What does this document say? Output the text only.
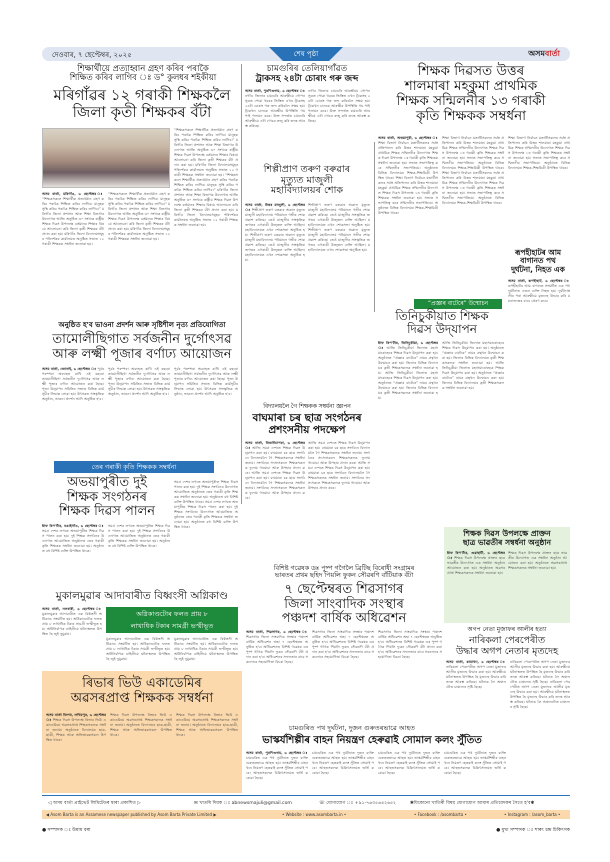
দেওবাৰ, ৭ ছেপ্টেম্বৰ, ২০২৫	শেষ পৃষ্ঠা	অসমবার্তা
শিক্ষাৰ্থীয়ে প্ৰত্যাহ্বান গ্ৰহণ কৰিব পৰাকৈ
শিক্ষিত কৰিব লাগিব ঃ ড° কুলধৰ শইকীয়া
মৰিগাঁৱৰ ১২ গৰাকী শিক্ষকলৈ
জিলা কৃতী শিক্ষকৰ বঁটা
অসম বাৰ্তা, মৰিগাঁও, ৬ ছেপ্টেম্বৰ ঃ “শিক্ষকসকলে শিক্ষাৰ্থীক প্ৰত্যাহ্বান গ্ৰহণ কৰিব পৰাকৈ শিক্ষিত কৰিব লাগিব। মানুহক সুস্থি কৰিব পৰাকৈ শিক্ষিত কৰিব লাগিব।” মৰিগাঁও জিলা প্ৰশাসন আৰু শিক্ষা বিভাগৰ উদ্যোগত আজি অনুষ্ঠিত ৩০ সংখ্যক ৰাষ্ট্ৰীয় শিক্ষক দিৱস উপলক্ষে বৰ্তমানৰ শিক্ষাৰ বিষয়ে আলোচনা কৰি জিলা কৃতী শিক্ষকৰ বঁটা প্ৰদান কৰা হয়। মৰিগাঁও জিলা বিদ্যালয়সমূহৰ পৰিদৰ্শকৰ কাৰ্যালয়ত অনুষ্ঠিত সভাত ১২ গৰাকী শিক্ষকক সম্বৰ্ধনা জনোৱা হয়।
“শিক্ষকসকলে শিক্ষাৰ্থীক প্ৰত্যাহ্বান গ্ৰহণ কৰিব পৰাকৈ শিক্ষিত কৰিব লাগিব। মানুহক সুস্থি কৰিব পৰাকৈ শিক্ষিত কৰিব লাগিব।” মৰিগাঁও জিলা প্ৰশাসন আৰু শিক্ষা বিভাগৰ উদ্যোগত আজি অনুষ্ঠিত ৩০ সংখ্যক ৰাষ্ট্ৰীয় শিক্ষক দিৱস উপলক্ষে বৰ্তমানৰ শিক্ষাৰ বিষয়ে আলোচনা কৰি জিলা কৃতী শিক্ষকৰ বঁটা প্ৰদান কৰা হয়। মৰিগাঁও জিলা বিদ্যালয়সমূহৰ পৰিদৰ্শকৰ কাৰ্যালয়ত অনুষ্ঠিত সভাত ১২ গৰাকী শিক্ষকক সম্বৰ্ধনা জনোৱা হয়।
“শিক্ষকসকলে শিক্ষাৰ্থীক প্ৰত্যাহ্বান গ্ৰহণ কৰিব পৰাকৈ শিক্ষিত কৰিব লাগিব। মানুহক সুস্থি কৰিব পৰাকৈ শিক্ষিত কৰিব লাগিব।” মৰিগাঁও জিলা প্ৰশাসন আৰু শিক্ষা বিভাগৰ উদ্যোগত আজি অনুষ্ঠিত ৩০ সংখ্যক ৰাষ্ট্ৰীয় শিক্ষক দিৱস উপলক্ষে বৰ্তমানৰ শিক্ষাৰ বিষয়ে আলোচনা কৰি জিলা কৃতী শিক্ষকৰ বঁটা প্ৰদান কৰা হয়। মৰিগাঁও জিলা বিদ্যালয়সমূহৰ পৰিদৰ্শকৰ কাৰ্যালয়ত অনুষ্ঠিত সভাত ১২ গৰাকী শিক্ষকক সম্বৰ্ধনা জনোৱা হয়। “শিক্ষকসকলে শিক্ষাৰ্থীক প্ৰত্যাহ্বান গ্ৰহণ কৰিব পৰাকৈ শিক্ষিত কৰিব লাগিব। মানুহক সুস্থি কৰিব পৰাকৈ শিক্ষিত কৰিব লাগিব।” মৰিগাঁও জিলা প্ৰশাসন আৰু শিক্ষা বিভাগৰ উদ্যোগত আজি অনুষ্ঠিত ৩০ সংখ্যক ৰাষ্ট্ৰীয় শিক্ষক দিৱস উপলক্ষে বৰ্তমানৰ শিক্ষাৰ বিষয়ে আলোচনা কৰি জিলা কৃতী শিক্ষকৰ বঁটা প্ৰদান কৰা হয়। মৰিগাঁও জিলা বিদ্যালয়সমূহৰ পৰিদৰ্শকৰ কাৰ্যালয়ত অনুষ্ঠিত সভাত ১২ গৰাকী শিক্ষকক সম্বৰ্ধনা জনোৱা হয়।
অনুষ্ঠিত হ'ব ভাওনা প্ৰদৰ্শন আৰু সৃষ্টিশীল নৃত্য প্ৰতিযোগিতা
তামোলীছিগাত সৰ্বজনীন দুৰ্গোৎসৱ
আৰু লক্ষ্মী পূজাৰ বৰ্ণাঢ্য আয়োজন
অসম বাৰ্তা, জোনাই, ৬ ছেপ্টেম্বৰ ঃ পূৰ্বৰ পৰম্পৰা অব্যাহত ৰাখি এই বছৰো তামোলীছিগা সৰ্বজনীন দুৰ্গোৎসৱ আৰু লক্ষ্মী পূজাৰ বৰ্ণাঢ্য আয়োজন কৰা হৈছে। পূজা উদ্‌যাপন সমিতিৰ সভাত বিভিন্ন কাৰ্যসূচীৰ সিদ্ধান্ত লোৱা হয়। উৎসৱত সাংস্কৃতিক অনুষ্ঠান, ভাওনা প্ৰদৰ্শন আদি অনুষ্ঠিত হ'ব।
পূৰ্বৰ পৰম্পৰা অব্যাহত ৰাখি এই বছৰো তামোলীছিগা সৰ্বজনীন দুৰ্গোৎসৱ আৰু লক্ষ্মী পূজাৰ বৰ্ণাঢ্য আয়োজন কৰা হৈছে। পূজা উদ্‌যাপন সমিতিৰ সভাত বিভিন্ন কাৰ্যসূচীৰ সিদ্ধান্ত লোৱা হয়। উৎসৱত সাংস্কৃতিক অনুষ্ঠান, ভাওনা প্ৰদৰ্শন আদি অনুষ্ঠিত হ'ব।
পূৰ্বৰ পৰম্পৰা অব্যাহত ৰাখি এই বছৰো তামোলীছিগা সৰ্বজনীন দুৰ্গোৎসৱ আৰু লক্ষ্মী পূজাৰ বৰ্ণাঢ্য আয়োজন কৰা হৈছে। পূজা উদ্‌যাপন সমিতিৰ সভাত বিভিন্ন কাৰ্যসূচীৰ সিদ্ধান্ত লোৱা হয়। উৎসৱত সাংস্কৃতিক অনুষ্ঠান, ভাওনা প্ৰদৰ্শন আদি অনুষ্ঠিত হ'ব।
তেৰ গৰাকী কৃতি শিক্ষকক সম্বৰ্ধনা
অভয়াপুৰীত দুই
শিক্ষক সংগঠনৰ
শিক্ষক দিৱস পালন
ষ্টাফ ৰিপ'ৰ্টাৰ, বঙাইগাঁও, ৬ ছেপ্টেম্বৰ ঃ সমগ্ৰ দেশৰ লগতে অভয়াপুৰীত শিক্ষক দিৱস পালন কৰা হয়। দুই শিক্ষক সংগঠনৰ উদ্যোগত আয়োজিত অনুষ্ঠানত তেৰ গৰাকী কৃতি শিক্ষকক সম্বৰ্ধনা জনোৱা হয়। অনুষ্ঠানত বহু বিশিষ্ট ব্যক্তি উপস্থিত থাকে।
সমগ্ৰ দেশৰ লগতে অভয়াপুৰীত শিক্ষক দিৱস পালন কৰা হয়। দুই শিক্ষক সংগঠনৰ উদ্যোগত আয়োজিত অনুষ্ঠানত তেৰ গৰাকী কৃতি শিক্ষকক সম্বৰ্ধনা জনোৱা হয়। অনুষ্ঠানত বহু বিশিষ্ট ব্যক্তি উপস্থিত থাকে।
সমগ্ৰ দেশৰ লগতে অভয়াপুৰীত শিক্ষক দিৱস পালন কৰা হয়। দুই শিক্ষক সংগঠনৰ উদ্যোগত আয়োজিত অনুষ্ঠানত তেৰ গৰাকী কৃতি শিক্ষকক সম্বৰ্ধনা জনোৱা হয়। অনুষ্ঠানত বহু বিশিষ্ট ব্যক্তি উপস্থিত থাকে। সমগ্ৰ দেশৰ লগতে অভয়াপুৰীত শিক্ষক দিৱস পালন কৰা হয়। দুই শিক্ষক সংগঠনৰ উদ্যোগত আয়োজিত অনুষ্ঠানত তেৰ গৰাকী কৃতি শিক্ষকক সম্বৰ্ধনা জনোৱা হয়। অনুষ্ঠানত বহু বিশিষ্ট ব্যক্তি উপস্থিত থাকে।
মুকালমুৱাৰ আদাবাৰীত বিধ্বংসী অগ্নিকাণ্ড
অগ্নিকাণ্ডটোৰ ফলত প্ৰায় ৮
লাখাধিক টকাৰ সামগ্ৰী ভস্মীভূত
অসম বাৰ্তা, নলবাৰী, ৬ ছেপ্টেম্বৰ ঃ মুকালমুৱাৰ আদাবাৰীত এক বিধ্বংসী অগ্নিকাণ্ড সংঘটিত হয়। অগ্নিকাণ্ডটোৰ ফলত প্ৰায় ৮ লাখাধিক টকাৰ সামগ্ৰী ভস্মীভূত হয়। অগ্নিনিৰ্বাপক বাহিনীয়ে ঘটনাস্থলত উপস্থিত হৈ জুই নুমুৱায়।
মুকালমুৱাৰ আদাবাৰীত এক বিধ্বংসী অগ্নিকাণ্ড সংঘটিত হয়। অগ্নিকাণ্ডটোৰ ফলত প্ৰায় ৮ লাখাধিক টকাৰ সামগ্ৰী ভস্মীভূত হয়। অগ্নিনিৰ্বাপক বাহিনীয়ে ঘটনাস্থলত উপস্থিত হৈ জুই নুমুৱায়।
মুকালমুৱাৰ আদাবাৰীত এক বিধ্বংসী অগ্নিকাণ্ড সংঘটিত হয়। অগ্নিকাণ্ডটোৰ ফলত প্ৰায় ৮ লাখাধিক টকাৰ সামগ্ৰী ভস্মীভূত হয়। অগ্নিনিৰ্বাপক বাহিনীয়ে ঘটনাস্থলত উপস্থিত হৈ জুই নুমুৱায়।
ৰিভাৰ ভিউ একাডেমিৰ
অৱসৰপ্ৰাপ্ত শিক্ষকক সম্বৰ্ধনা
অসম বাৰ্তা বিশেষ, লখিমপুৰ, ৬ ছেপ্টেম্বৰ ঃ শিক্ষক দিৱস উপলক্ষে ৰিভাৰ ভিউ একাডেমিয়ে অৱসৰপ্ৰাপ্ত শিক্ষকসকলক সম্বৰ্ধনা জনায়। অনুষ্ঠানত বিদ্যালয়ৰ ছাত্ৰ-ছাত্ৰী, শিক্ষক আৰু অভিভাৱকসকল উপস্থিত থাকে।
শিক্ষক দিৱস উপলক্ষে ৰিভাৰ ভিউ একাডেমিয়ে অৱসৰপ্ৰাপ্ত শিক্ষকসকলক সম্বৰ্ধনা জনায়। অনুষ্ঠানত বিদ্যালয়ৰ ছাত্ৰ-ছাত্ৰী, শিক্ষক আৰু অভিভাৱকসকল উপস্থিত থাকে।
শিক্ষক দিৱস উপলক্ষে ৰিভাৰ ভিউ একাডেমিয়ে অৱসৰপ্ৰাপ্ত শিক্ষকসকলক সম্বৰ্ধনা জনায়। অনুষ্ঠানত বিদ্যালয়ৰ ছাত্ৰ-ছাত্ৰী, শিক্ষক আৰু অভিভাৱকসকল উপস্থিত থাকে।
চামগুৰিৰ তেলিয়াগাঁৱত
ট্ৰাকসহ ২৪টা চোৰাং গৰু জব্দ
অসম বাৰ্তা, পুৰণিগুদাম, ৬ ছেপ্টেম্বৰ ঃ নগাঁও জিলাৰ চামগুৰি আৰক্ষীয়ে গোপন সূত্ৰত পোৱা খবৰৰ ভিত্তিত এখন ট্ৰাকসহ ২৪টা চোৰাং গৰু জব্দ কৰিবলৈ সক্ষম হয়। ট্ৰাকখন চালকে আৰক্ষীৰ উপস্থিতি গম পাই পলায়ন কৰে। উক্ত সন্দৰ্ভত চামগুৰি আৰক্ষীয়ে এটা গোচৰ ৰুজু কৰি তদন্ত আৰম্ভ কৰিছে।
নগাঁও জিলাৰ চামগুৰি আৰক্ষীয়ে গোপন সূত্ৰত পোৱা খবৰৰ ভিত্তিত এখন ট্ৰাকসহ ২৪টা চোৰাং গৰু জব্দ কৰিবলৈ সক্ষম হয়। ট্ৰাকখন চালকে আৰক্ষীৰ উপস্থিতি গম পাই পলায়ন কৰে। উক্ত সন্দৰ্ভত চামগুৰি আৰক্ষীয়ে এটা গোচৰ ৰুজু কৰি তদন্ত আৰম্ভ কৰিছে।
শিল্পীপ্ৰাণ তৰুণ বৰুৱাৰ
মৃত্যুত মাজুলী
মহাবিদ্যালয়ৰ শোক
অসম বাৰ্তা, উত্তৰ মাজুলী, ৬ ছেপ্টেম্বৰ ঃ শিল্পীপ্ৰাণ তৰুণ বৰুৱাৰ অকাল মৃত্যুত মাজুলী মহাবিদ্যালয় পৰিয়ালে গভীৰ শোক প্ৰকাশ কৰিছে। তেওঁ মাজুলীৰ সাংস্কৃতিক জগতৰ এগৰাকী উজ্জ্বল ব্যক্তি আছিল। মহাবিদ্যালয়ত এখন শোকসভা অনুষ্ঠিত হয়। শিল্পীপ্ৰাণ তৰুণ বৰুৱাৰ অকাল মৃত্যুত মাজুলী মহাবিদ্যালয় পৰিয়ালে গভীৰ শোক প্ৰকাশ কৰিছে। তেওঁ মাজুলীৰ সাংস্কৃতিক জগতৰ এগৰাকী উজ্জ্বল ব্যক্তি আছিল। মহাবিদ্যালয়ত এখন শোকসভা অনুষ্ঠিত হয়।
শিল্পীপ্ৰাণ তৰুণ বৰুৱাৰ অকাল মৃত্যুত মাজুলী মহাবিদ্যালয় পৰিয়ালে গভীৰ শোক প্ৰকাশ কৰিছে। তেওঁ মাজুলীৰ সাংস্কৃতিক জগতৰ এগৰাকী উজ্জ্বল ব্যক্তি আছিল। মহাবিদ্যালয়ত এখন শোকসভা অনুষ্ঠিত হয়। শিল্পীপ্ৰাণ তৰুণ বৰুৱাৰ অকাল মৃত্যুত মাজুলী মহাবিদ্যালয় পৰিয়ালে গভীৰ শোক প্ৰকাশ কৰিছে। তেওঁ মাজুলীৰ সাংস্কৃতিক জগতৰ এগৰাকী উজ্জ্বল ব্যক্তি আছিল। মহাবিদ্যালয়ত এখন শোকসভা অনুষ্ঠিত হয়।
বিদ্যালয়লৈ গৈ শিক্ষকক সম্বৰ্ধনা জ্ঞাপন
বাঘমাৰা চৰ ছাত্ৰ সংগঠনৰ
প্ৰশংসনীয় পদক্ষেপ
অসম বাৰ্তা, বিজনীচাপৰা, ৬ ছেপ্টেম্বৰ ঃ আজি সমগ্ৰ দেশতে শিক্ষক দিৱস উদ্‌যাপন কৰা হয়। বাঘমাৰা চৰ ছাত্ৰ সংগঠনে বিদ্যালয়লৈ গৈ শিক্ষকসকলক সম্বৰ্ধনা জনায়। সংগঠনৰ সদস্যসকলে শিক্ষকসকলক ফুলাম গামোচা আৰু উপহাৰ প্ৰদান কৰে। আজি সমগ্ৰ দেশতে শিক্ষক দিৱস উদ্‌যাপন কৰা হয়। বাঘমাৰা চৰ ছাত্ৰ সংগঠনে বিদ্যালয়লৈ গৈ শিক্ষকসকলক সম্বৰ্ধনা জনায়। সংগঠনৰ সদস্যসকলে শিক্ষকসকলক ফুলাম গামোচা আৰু উপহাৰ প্ৰদান কৰে।
আজি সমগ্ৰ দেশতে শিক্ষক দিৱস উদ্‌যাপন কৰা হয়। বাঘমাৰা চৰ ছাত্ৰ সংগঠনে বিদ্যালয়লৈ গৈ শিক্ষকসকলক সম্বৰ্ধনা জনায়। সংগঠনৰ সদস্যসকলে শিক্ষকসকলক ফুলাম গামোচা আৰু উপহাৰ প্ৰদান কৰে। আজি সমগ্ৰ দেশতে শিক্ষক দিৱস উদ্‌যাপন কৰা হয়। বাঘমাৰা চৰ ছাত্ৰ সংগঠনে বিদ্যালয়লৈ গৈ শিক্ষকসকলক সম্বৰ্ধনা জনায়। সংগঠনৰ সদস্যসকলে শিক্ষকসকলক ফুলাম গামোচা আৰু উপহাৰ প্ৰদান কৰে।
বিশিষ্ট গৱেষক ডঃ পুষ্প গগৈলৈ ব্ৰিটিছ বিৰোধী সংগ্ৰামৰ
ভাৰতৰ প্ৰথম ছহিদ পিয়লি ফুকন সৌৱৰণি বাঁটিয়াক বঁটা
৭ ছেপ্টেম্বৰত শিৱসাগৰ
জিলা সাংবাদিক সংস্থাৰ
পঞ্চদশ বাৰ্ষিক অধিৱেশন
অসম বাৰ্তা, শিৱসাগৰ, ৬ ছেপ্টেম্বৰ ঃ শিৱসাগৰ জিলা সাংবাদিক সংস্থাৰ পঞ্চদশ বাৰ্ষিক অধিৱেশন অহা ৭ ছেপ্টেম্বৰত অনুষ্ঠিত হ'ব। অধিৱেশনত বিশিষ্ট গৱেষক ডঃ পুষ্প গগৈক পিয়লি ফুকন সৌৱৰণি বঁটা প্ৰদান কৰা হ'ব। অধিৱেশনৰ সফলতাৰ বাবে সকলোৰে সহযোগিতা বিচৰা হৈছে।
শিৱসাগৰ জিলা সাংবাদিক সংস্থাৰ পঞ্চদশ বাৰ্ষিক অধিৱেশন অহা ৭ ছেপ্টেম্বৰত অনুষ্ঠিত হ'ব। অধিৱেশনত বিশিষ্ট গৱেষক ডঃ পুষ্প গগৈক পিয়লি ফুকন সৌৱৰণি বঁটা প্ৰদান কৰা হ'ব। অধিৱেশনৰ সফলতাৰ বাবে সকলোৰে সহযোগিতা বিচৰা হৈছে।
শিৱসাগৰ জিলা সাংবাদিক সংস্থাৰ পঞ্চদশ বাৰ্ষিক অধিৱেশন অহা ৭ ছেপ্টেম্বৰত অনুষ্ঠিত হ'ব। অধিৱেশনত বিশিষ্ট গৱেষক ডঃ পুষ্প গগৈক পিয়লি ফুকন সৌৱৰণি বঁটা প্ৰদান কৰা হ'ব। অধিৱেশনৰ সফলতাৰ বাবে সকলোৰে সহযোগিতা বিচৰা হৈছে।
চামগুৰিত পথ দুৰ্ঘটনা, দুজন গুৰুতৰভাৱে আহত
ভাস্কৰ্যশিল্পীৰ বাহন নিয়ন্ত্ৰণ হেৰুৱাই সোমাল কলং সুঁতিত
অসম বাৰ্তা, পুৰণিগুদাম, ৬ ছেপ্টেম্বৰ ঃ চামগুৰিত এক পথ দুৰ্ঘটনাত দুজন ব্যক্তি গুৰুতৰভাৱে আহত হয়। ভাস্কৰ্যশিল্পীৰ বাহনখনে নিয়ন্ত্ৰণ হেৰুৱাই কলং সুঁতিত সোমাই পৰে। আহতসকলক চিকিৎসালয়ত ভৰ্তি কৰোৱা হৈছে।
চামগুৰিত এক পথ দুৰ্ঘটনাত দুজন ব্যক্তি গুৰুতৰভাৱে আহত হয়। ভাস্কৰ্যশিল্পীৰ বাহনখনে নিয়ন্ত্ৰণ হেৰুৱাই কলং সুঁতিত সোমাই পৰে। আহতসকলক চিকিৎসালয়ত ভৰ্তি কৰোৱা হৈছে।
চামগুৰিত এক পথ দুৰ্ঘটনাত দুজন ব্যক্তি গুৰুতৰভাৱে আহত হয়। ভাস্কৰ্যশিল্পীৰ বাহনখনে নিয়ন্ত্ৰণ হেৰুৱাই কলং সুঁতিত সোমাই পৰে। আহতসকলক চিকিৎসালয়ত ভৰ্তি কৰোৱা হৈছে।
চামগুৰিত এক পথ দুৰ্ঘটনাত দুজন ব্যক্তি গুৰুতৰভাৱে আহত হয়। ভাস্কৰ্যশিল্পীৰ বাহনখনে নিয়ন্ত্ৰণ হেৰুৱাই কলং সুঁতিত সোমাই পৰে। আহতসকলক চিকিৎসালয়ত ভৰ্তি কৰোৱা হৈছে।
শিক্ষক দিৱসত উত্তৰ
শালমাৰা মহকুমা প্ৰাথমিক
শিক্ষক সন্মিলনীৰ ১৩ গৰাকী
কৃতি শিক্ষকক সম্বৰ্ধনা
অসম বাৰ্তা, অভয়াপুৰী, ৬ ছেপ্টেম্বৰ ঃ শিক্ষা বিভাগ নিৰ্বাচন মতাৰ্থীসকলৰ সৰ্বস্ব প্ৰতিপালন কৰি উত্তৰ শালমাৰা মহকুমা প্ৰাথমিক শিক্ষক সন্মিলনীৰ উদ্যোগত শিক্ষক দিৱস উপলক্ষে ১৩ গৰাকী কৃতি শিক্ষকক সম্বৰ্ধনা জনোৱা হয়। সভাত সভাপতিত্ব কৰে সন্মিলনীৰ সভাপতিয়ে। অনুষ্ঠানত বিভিন্ন বিদ্যালয়ৰ শিক্ষক-শিক্ষয়িত্ৰী উপস্থিত থাকে। শিক্ষা বিভাগ নিৰ্বাচন মতাৰ্থীসকলৰ সৰ্বস্ব প্ৰতিপালন কৰি উত্তৰ শালমাৰা মহকুমা প্ৰাথমিক শিক্ষক সন্মিলনীৰ উদ্যোগত শিক্ষক দিৱস উপলক্ষে ১৩ গৰাকী কৃতি শিক্ষকক সম্বৰ্ধনা জনোৱা হয়। সভাত সভাপতিত্ব কৰে সন্মিলনীৰ সভাপতিয়ে। অনুষ্ঠানত বিভিন্ন বিদ্যালয়ৰ শিক্ষক-শিক্ষয়িত্ৰী উপস্থিত থাকে।
শিক্ষা বিভাগ নিৰ্বাচন মতাৰ্থীসকলৰ সৰ্বস্ব প্ৰতিপালন কৰি উত্তৰ শালমাৰা মহকুমা প্ৰাথমিক শিক্ষক সন্মিলনীৰ উদ্যোগত শিক্ষক দিৱস উপলক্ষে ১৩ গৰাকী কৃতি শিক্ষকক সম্বৰ্ধনা জনোৱা হয়। সভাত সভাপতিত্ব কৰে সন্মিলনীৰ সভাপতিয়ে। অনুষ্ঠানত বিভিন্ন বিদ্যালয়ৰ শিক্ষক-শিক্ষয়িত্ৰী উপস্থিত থাকে। শিক্ষা বিভাগ নিৰ্বাচন মতাৰ্থীসকলৰ সৰ্বস্ব প্ৰতিপালন কৰি উত্তৰ শালমাৰা মহকুমা প্ৰাথমিক শিক্ষক সন্মিলনীৰ উদ্যোগত শিক্ষক দিৱস উপলক্ষে ১৩ গৰাকী কৃতি শিক্ষকক সম্বৰ্ধনা জনোৱা হয়। সভাত সভাপতিত্ব কৰে সন্মিলনীৰ সভাপতিয়ে। অনুষ্ঠানত বিভিন্ন বিদ্যালয়ৰ শিক্ষক-শিক্ষয়িত্ৰী উপস্থিত থাকে।
শিক্ষা বিভাগ নিৰ্বাচন মতাৰ্থীসকলৰ সৰ্বস্ব প্ৰতিপালন কৰি উত্তৰ শালমাৰা মহকুমা প্ৰাথমিক শিক্ষক সন্মিলনীৰ উদ্যোগত শিক্ষক দিৱস উপলক্ষে ১৩ গৰাকী কৃতি শিক্ষকক সম্বৰ্ধনা জনোৱা হয়। সভাত সভাপতিত্ব কৰে সন্মিলনীৰ সভাপতিয়ে। অনুষ্ঠানত বিভিন্ন বিদ্যালয়ৰ শিক্ষক-শিক্ষয়িত্ৰী উপস্থিত থাকে।
“প্ৰজ্ঞাৰ বাটেৰে” উন্মোচন
তিনিচুকীয়াত শিক্ষক
দিৱস উদ্‌যাপন
ষ্টাফ ৰিপ'ৰ্টাৰ, তিনিচুকীয়া, ৬ ছেপ্টেম্বৰ ঃ আজি তিনিচুকীয়া জিলাত মহাসমাৰোহেৰে শিক্ষক দিৱস উদ্‌যাপন কৰা হয়। অনুষ্ঠানত “প্ৰজ্ঞাৰ বাটেৰে” নামৰ গ্ৰন্থখন উন্মোচন কৰা হয়। জিলাৰ বিভিন্ন বিদ্যালয়ৰ কৃতী শিক্ষকসকলক সম্বৰ্ধনা জনোৱা হয়। আজি তিনিচুকীয়া জিলাত মহাসমাৰোহেৰে শিক্ষক দিৱস উদ্‌যাপন কৰা হয়। অনুষ্ঠানত “প্ৰজ্ঞাৰ বাটেৰে” নামৰ গ্ৰন্থখন উন্মোচন কৰা হয়। জিলাৰ বিভিন্ন বিদ্যালয়ৰ কৃতী শিক্ষকসকলক সম্বৰ্ধনা জনোৱা হয়।
আজি তিনিচুকীয়া জিলাত মহাসমাৰোহেৰে শিক্ষক দিৱস উদ্‌যাপন কৰা হয়। অনুষ্ঠানত “প্ৰজ্ঞাৰ বাটেৰে” নামৰ গ্ৰন্থখন উন্মোচন কৰা হয়। জিলাৰ বিভিন্ন বিদ্যালয়ৰ কৃতী শিক্ষকসকলক সম্বৰ্ধনা জনোৱা হয়। আজি তিনিচুকীয়া জিলাত মহাসমাৰোহেৰে শিক্ষক দিৱস উদ্‌যাপন কৰা হয়। অনুষ্ঠানত “প্ৰজ্ঞাৰ বাটেৰে” নামৰ গ্ৰন্থখন উন্মোচন কৰা হয়। জিলাৰ বিভিন্ন বিদ্যালয়ৰ কৃতী শিক্ষকসকলক সম্বৰ্ধনা জনোৱা হয়।
ৰূপহীহাটৰ আম
বাগানত পথ
দুৰ্ঘটনা, নিহত এক
অসম বাৰ্তা, ৰূপহীহাট, ৬ ছেপ্টেম্বৰ ঃ ৰূপহীহাটৰ আম বাগানত সংঘটিত এক পথ দুৰ্ঘটনাত এজন ব্যক্তি নিহত হয়। দুৰ্ঘটনাস্থলীৰ পৰা আৰক্ষীয়ে মৃতদেহ উদ্ধাৰ কৰি ময়নাতদন্তৰ বাবে প্ৰেৰণ কৰে।
শিক্ষক দিৱস উপলক্ষে প্ৰাক্তন
ছাত্ৰ ভাৱতীৰ সম্বৰ্ধনা অনুষ্ঠান
ষ্টাফ ৰিপ'ৰ্টাৰ, গুৱাহাটী, ৬ ছেপ্টেম্বৰ ঃ শিক্ষক দিৱস উপলক্ষে প্ৰাক্তন ছাত্ৰ ভাৱতীৰ উদ্যোগত এক সম্বৰ্ধনা অনুষ্ঠান আয়োজন কৰা হয়। অনুষ্ঠানত অৱসৰপ্ৰাপ্ত শিক্ষকসকলক সম্বৰ্ধনা জনোৱা হয়।
শিক্ষক দিৱস উপলক্ষে প্ৰাক্তন ছাত্ৰ ভাৱতীৰ উদ্যোগত এক সম্বৰ্ধনা অনুষ্ঠান আয়োজন কৰা হয়। অনুষ্ঠানত অৱসৰপ্ৰাপ্ত শিক্ষকসকলক সম্বৰ্ধনা জনোৱা হয়।
অগপ নেতা মুজাফৰ আলীৰ হত্যা
নাৰিকলা পেৰপেৰীত
উদ্ধাৰ অগপ নেতাৰ মৃতদেহ
অসম বাৰ্তা, কামাখ্যা, ৬ ছেপ্টেম্বৰ ঃ নাৰিকলা পেৰপেৰীত অগপ নেতা মুজাফৰ আলীৰ মৃতদেহ উদ্ধাৰ কৰা হয়। আৰক্ষীয়ে ঘটনাস্থলত উপস্থিত হৈ মৃতদেহ উদ্ধাৰ কৰি তদন্ত আৰম্ভ কৰিছে। ঘটনাক লৈ অঞ্চলটোত চাঞ্চল্যৰ সৃষ্টি হৈছে।
নাৰিকলা পেৰপেৰীত অগপ নেতা মুজাফৰ আলীৰ মৃতদেহ উদ্ধাৰ কৰা হয়। আৰক্ষীয়ে ঘটনাস্থলত উপস্থিত হৈ মৃতদেহ উদ্ধাৰ কৰি তদন্ত আৰম্ভ কৰিছে। ঘটনাক লৈ অঞ্চলটোত চাঞ্চল্যৰ সৃষ্টি হৈছে। নাৰিকলা পেৰপেৰীত অগপ নেতা মুজাফৰ আলীৰ মৃতদেহ উদ্ধাৰ কৰা হয়। আৰক্ষীয়ে ঘটনাস্থলত উপস্থিত হৈ মৃতদেহ উদ্ধাৰ কৰি তদন্ত আৰম্ভ কৰিছে। ঘটনাক লৈ অঞ্চলটোত চাঞ্চল্যৰ সৃষ্টি হৈছে।
◁ অসম বাৰ্তা প্ৰাইভেট লিমিটেডৰ দ্বাৰা প্ৰকাশিত ▷	✉ খাতৰি দিয়ক ঃ abnewsmajuli@gmail.com	☏ যোগাযোগ ঃ +৯১-৭৬৩৫৬৪২৬৫২	✱যিকোনো খাতিৰী বিষয় যোগাযোগ আমাৰ প্ৰতিবেদকৰ সৈতে হ'ব✱
◀ Asom Barta is an Assamese newspaper published by Asom Barta Private Limited ▶	• Website : www.asombarta.in •	• Facebook : /asombarta •	• Instagram : /asom_barta •
● সম্পাদক ঃ উমায় বৰা	● মুখ্য সম্পাদক ঃ শাৰৎ চন্দ্ৰ চিকিৎসক
